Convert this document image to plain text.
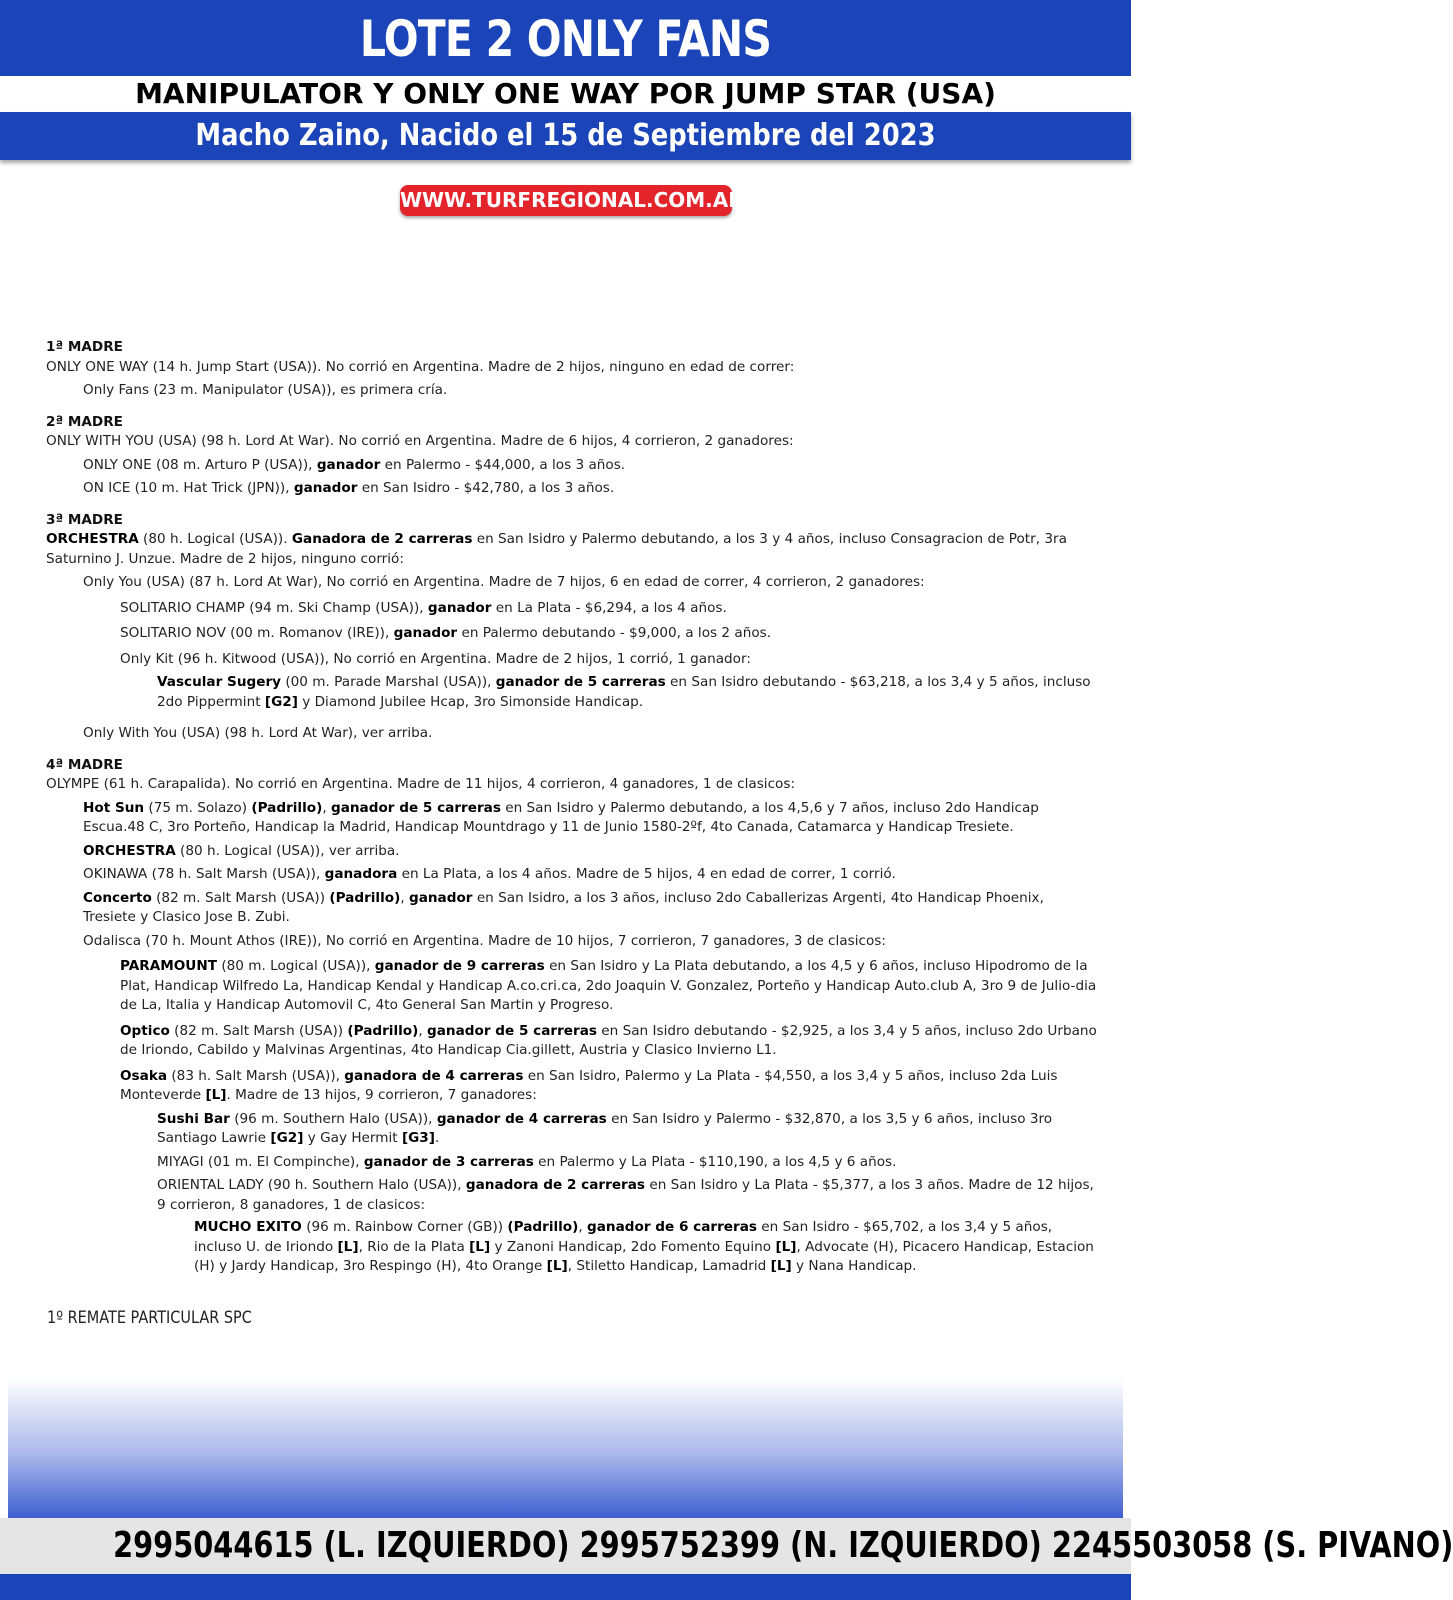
LOTE 2 ONLY FANS
MANIPULATOR Y ONLY ONE WAY POR JUMP STAR (USA)
Macho Zaino, Nacido el 15 de Septiembre del 2023
WWW.TURFREGIONAL.COM.AR

1ª MADRE

ONLY ONE WAY (14 h. Jump Start (USA)). No corrió en Argentina. Madre de 2 hijos, ninguno en edad de correr:

Only Fans (23 m. Manipulator (USA)), es primera cría.

2ª MADRE

ONLY WITH YOU (USA) (98 h. Lord At War). No corrió en Argentina. Madre de 6 hijos, 4 corrieron, 2 ganadores:

ONLY ONE (08 m. Arturo P (USA)), ganador en Palermo - $44,000, a los 3 años.

ON ICE (10 m. Hat Trick (JPN)), ganador en San Isidro - $42,780, a los 3 años.

3ª MADRE

ORCHESTRA (80 h. Logical (USA)). Ganadora de 2 carreras en San Isidro y Palermo debutando, a los 3 y 4 años, incluso Consagracion de Potr, 3ra Saturnino J. Unzue. Madre de 2 hijos, ninguno corrió:

Only You (USA) (87 h. Lord At War), No corrió en Argentina. Madre de 7 hijos, 6 en edad de correr, 4 corrieron, 2 ganadores:

SOLITARIO CHAMP (94 m. Ski Champ (USA)), ganador en La Plata - $6,294, a los 4 años.

SOLITARIO NOV (00 m. Romanov (IRE)), ganador en Palermo debutando - $9,000, a los 2 años.

Only Kit (96 h. Kitwood (USA)), No corrió en Argentina. Madre de 2 hijos, 1 corrió, 1 ganador:

Vascular Sugery (00 m. Parade Marshal (USA)), ganador de 5 carreras en San Isidro debutando - $63,218, a los 3,4 y 5 años, incluso 2do Pippermint [G2] y Diamond Jubilee Hcap, 3ro Simonside Handicap.

Only With You (USA) (98 h. Lord At War), ver arriba.

4ª MADRE

OLYMPE (61 h. Carapalida). No corrió en Argentina. Madre de 11 hijos, 4 corrieron, 4 ganadores, 1 de clasicos:

Hot Sun (75 m. Solazo) (Padrillo), ganador de 5 carreras en San Isidro y Palermo debutando, a los 4,5,6 y 7 años, incluso 2do Handicap Escua.48 C, 3ro Porteño, Handicap la Madrid, Handicap Mountdrago y 11 de Junio 1580-2ºf, 4to Canada, Catamarca y Handicap Tresiete.

ORCHESTRA (80 h. Logical (USA)), ver arriba.

OKINAWA (78 h. Salt Marsh (USA)), ganadora en La Plata, a los 4 años. Madre de 5 hijos, 4 en edad de correr, 1 corrió.

Concerto (82 m. Salt Marsh (USA)) (Padrillo), ganador en San Isidro, a los 3 años, incluso 2do Caballerizas Argenti, 4to Handicap Phoenix, Tresiete y Clasico Jose B. Zubi.

Odalisca (70 h. Mount Athos (IRE)), No corrió en Argentina. Madre de 10 hijos, 7 corrieron, 7 ganadores, 3 de clasicos:

PARAMOUNT (80 m. Logical (USA)), ganador de 9 carreras en San Isidro y La Plata debutando, a los 4,5 y 6 años, incluso Hipodromo de la Plat, Handicap Wilfredo La, Handicap Kendal y Handicap A.co.cri.ca, 2do Joaquin V. Gonzalez, Porteño y Handicap Auto.club A, 3ro 9 de Julio-dia de La, Italia y Handicap Automovil C, 4to General San Martin y Progreso.

Optico (82 m. Salt Marsh (USA)) (Padrillo), ganador de 5 carreras en San Isidro debutando - $2,925, a los 3,4 y 5 años, incluso 2do Urbano de Iriondo, Cabildo y Malvinas Argentinas, 4to Handicap Cia.gillett, Austria y Clasico Invierno L1.

Osaka (83 h. Salt Marsh (USA)), ganadora de 4 carreras en San Isidro, Palermo y La Plata - $4,550, a los 3,4 y 5 años, incluso 2da Luis Monteverde [L]. Madre de 13 hijos, 9 corrieron, 7 ganadores:

Sushi Bar (96 m. Southern Halo (USA)), ganador de 4 carreras en San Isidro y Palermo - $32,870, a los 3,5 y 6 años, incluso 3ro Santiago Lawrie [G2] y Gay Hermit [G3].

MIYAGI (01 m. El Compinche), ganador de 3 carreras en Palermo y La Plata - $110,190, a los 4,5 y 6 años.

ORIENTAL LADY (90 h. Southern Halo (USA)), ganadora de 2 carreras en San Isidro y La Plata - $5,377, a los 3 años. Madre de 12 hijos, 9 corrieron, 8 ganadores, 1 de clasicos:

MUCHO EXITO (96 m. Rainbow Corner (GB)) (Padrillo), ganador de 6 carreras en San Isidro - $65,702, a los 3,4 y 5 años, incluso U. de Iriondo [L], Rio de la Plata [L] y Zanoni Handicap, 2do Fomento Equino [L], Advocate (H), Picacero Handicap, Estacion (H) y Jardy Handicap, 3ro Respingo (H), 4to Orange [L], Stiletto Handicap, Lamadrid [L] y Nana Handicap.

1º REMATE PARTICULAR SPC
2995044615 (L. IZQUIERDO) 2995752399 (N. IZQUIERDO) 2245503058 (S. PIVANO)
